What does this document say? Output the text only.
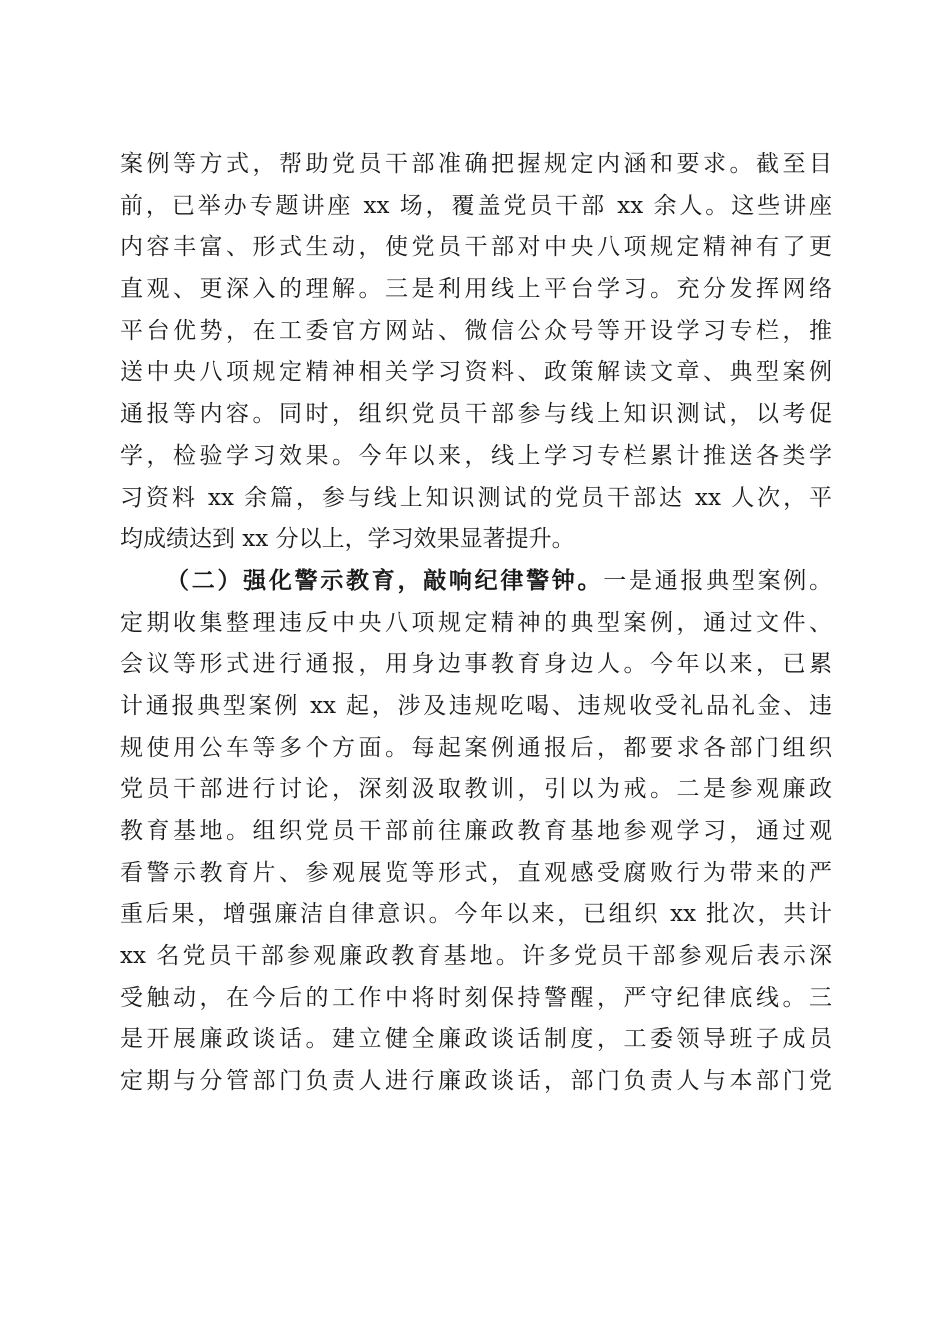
案例等方式，帮助党员干部准确把握规定内涵和要求。截至目
前，已举办专题讲座 xx 场，覆盖党员干部 xx 余人。这些讲座
内容丰富、形式生动，使党员干部对中央八项规定精神有了更
直观、更深入的理解。三是利用线上平台学习。充分发挥网络
平台优势，在工委官方网站、微信公众号等开设学习专栏，推
送中央八项规定精神相关学习资料、政策解读文章、典型案例
通报等内容。同时，组织党员干部参与线上知识测试，以考促
学，检验学习效果。今年以来，线上学习专栏累计推送各类学
习资料 xx 余篇，参与线上知识测试的党员干部达 xx 人次，平
均成绩达到 xx 分以上，学习效果显著提升。
（二）强化警示教育，敲响纪律警钟。一是通报典型案例。
定期收集整理违反中央八项规定精神的典型案例，通过文件、
会议等形式进行通报，用身边事教育身边人。今年以来，已累
计通报典型案例 xx 起，涉及违规吃喝、违规收受礼品礼金、违
规使用公车等多个方面。每起案例通报后，都要求各部门组织
党员干部进行讨论，深刻汲取教训，引以为戒。二是参观廉政
教育基地。组织党员干部前往廉政教育基地参观学习，通过观
看警示教育片、参观展览等形式，直观感受腐败行为带来的严
重后果，增强廉洁自律意识。今年以来，已组织 xx 批次，共计
xx 名党员干部参观廉政教育基地。许多党员干部参观后表示深
受触动，在今后的工作中将时刻保持警醒，严守纪律底线。三
是开展廉政谈话。建立健全廉政谈话制度，工委领导班子成员
定期与分管部门负责人进行廉政谈话，部门负责人与本部门党
